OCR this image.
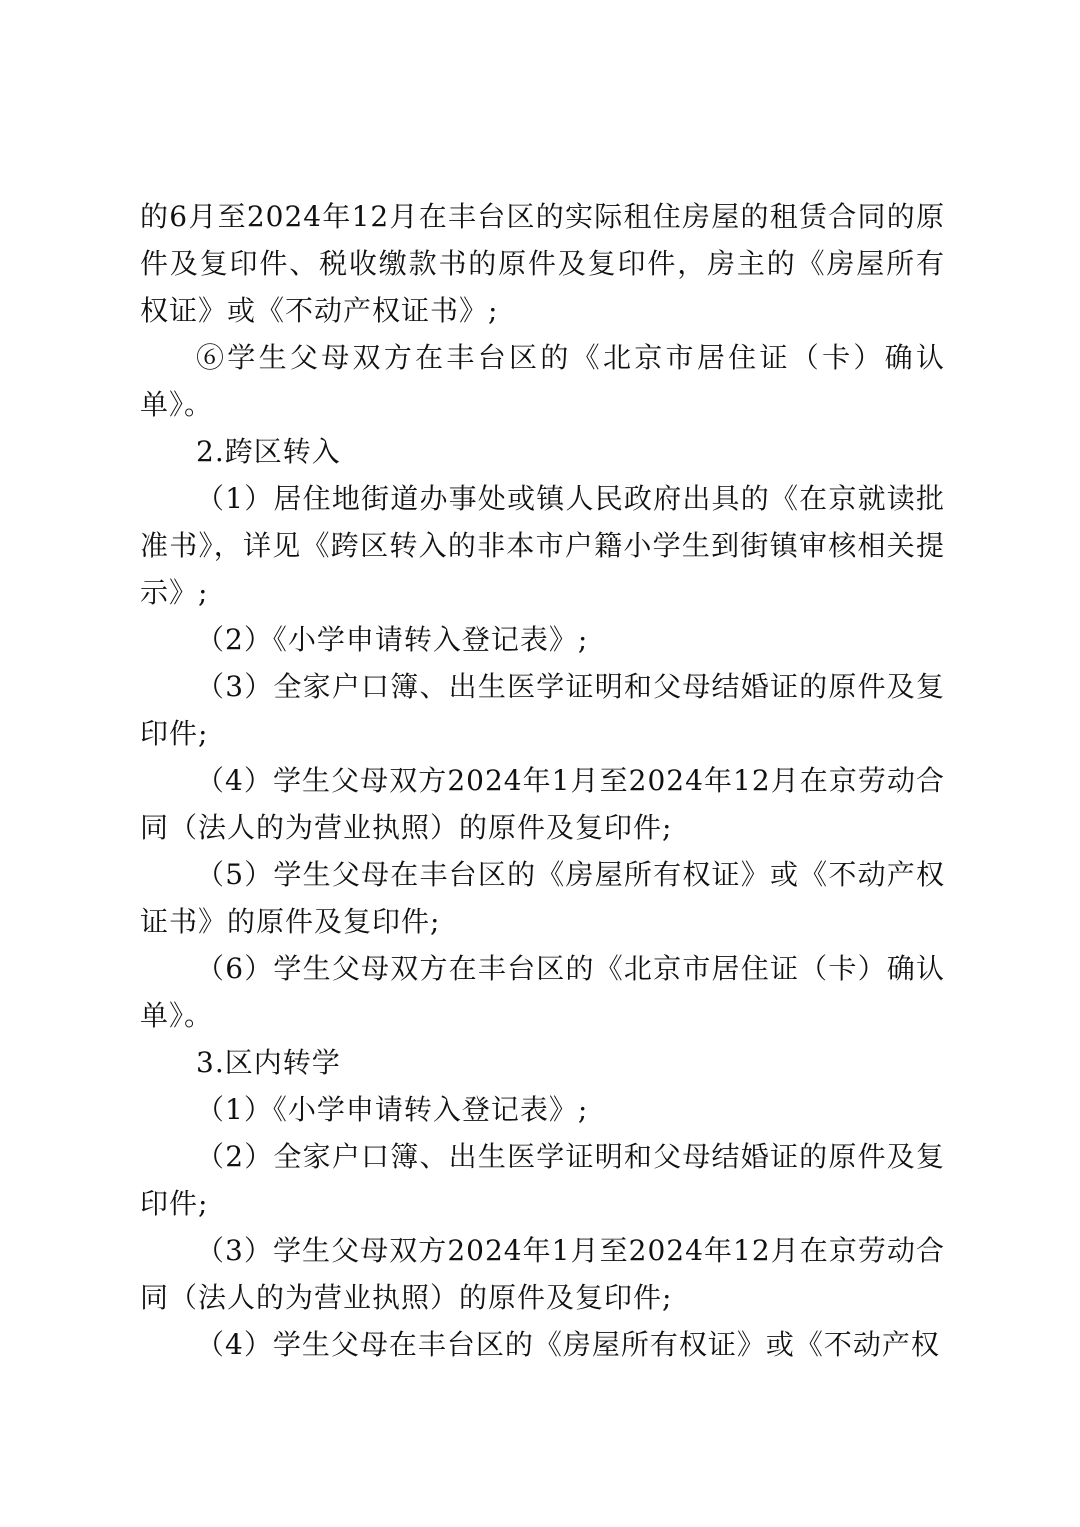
的6月至2024年12月在丰台区的实际租住房屋的租赁合同的原件及复印件、税收缴款书的原件及复印件，房主的《房屋所有权证》或《不动产权证书》;

⑥学生父母双方在丰台区的《北京市居住证（卡）确认单》。

2.跨区转入

（1）居住地街道办事处或镇人民政府出具的《在京就读批准书》，详见《跨区转入的非本市户籍小学生到街镇审核相关提示》;

（2）《小学申请转入登记表》;

（3）全家户口簿、出生医学证明和父母结婚证的原件及复印件;

（4）学生父母双方2024年1月至2024年12月在京劳动合同（法人的为营业执照）的原件及复印件;

（5）学生父母在丰台区的《房屋所有权证》或《不动产权证书》的原件及复印件;

（6）学生父母双方在丰台区的《北京市居住证（卡）确认单》。

3.区内转学

（1）《小学申请转入登记表》;

（2）全家户口簿、出生医学证明和父母结婚证的原件及复印件;

（3）学生父母双方2024年1月至2024年12月在京劳动合同（法人的为营业执照）的原件及复印件;

（4）学生父母在丰台区的《房屋所有权证》或《不动产权
